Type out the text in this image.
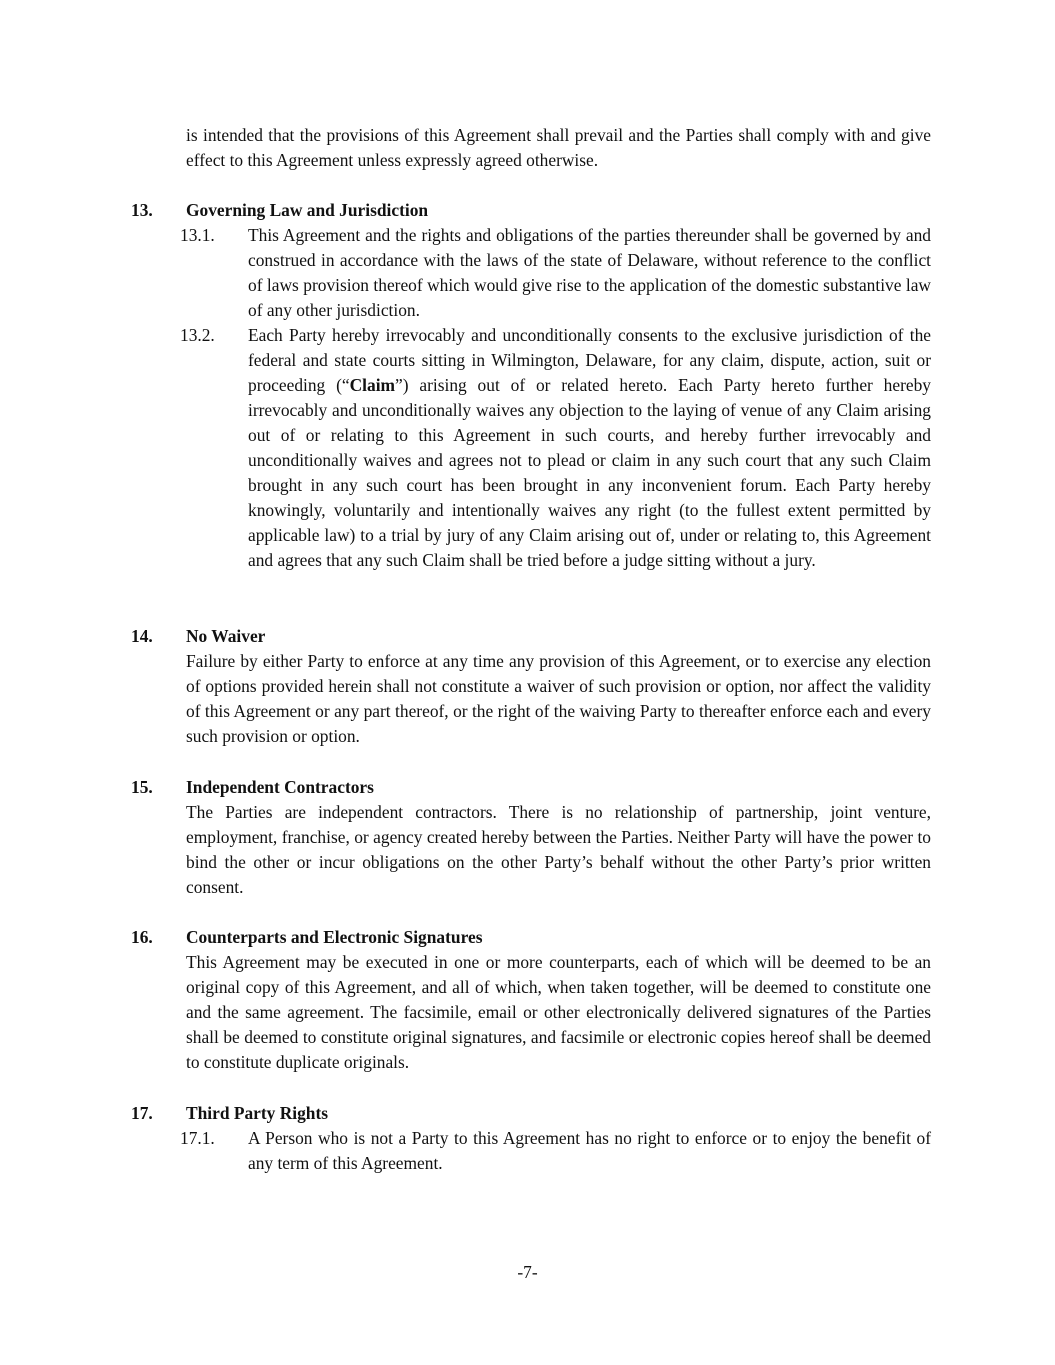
is intended that the provisions of this Agreement shall prevail and the Parties shall comply with and give effect to this Agreement unless expressly agreed otherwise.

13. Governing Law and Jurisdiction
13.1. This Agreement and the rights and obligations of the parties thereunder shall be governed by and construed in accordance with the laws of the state of Delaware, without reference to the conflict of laws provision thereof which would give rise to the application of the domestic substantive law of any other jurisdiction.

13.2. Each Party hereby irrevocably and unconditionally consents to the exclusive jurisdiction of the federal and state courts sitting in Wilmington, Delaware, for any claim, dispute, action, suit or proceeding (“Claim”) arising out of or related hereto. Each Party hereto further hereby irrevocably and unconditionally waives any objection to the laying of venue of any Claim arising out of or relating to this Agreement in such courts, and hereby further irrevocably and unconditionally waives and agrees not to plead or claim in any such court that any such Claim brought in any such court has been brought in any inconvenient forum. Each Party hereby knowingly, voluntarily and intentionally waives any right (to the fullest extent permitted by applicable law) to a trial by jury of any Claim arising out of, under or relating to, this Agreement and agrees that any such Claim shall be tried before a judge sitting without a jury.

14. No Waiver

Failure by either Party to enforce at any time any provision of this Agreement, or to exercise any election of options provided herein shall not constitute a waiver of such provision or option, nor affect the validity of this Agreement or any part thereof, or the right of the waiving Party to thereafter enforce each and every such provision or option.

15. Independent Contractors

The Parties are independent contractors. There is no relationship of partnership, joint venture, employment, franchise, or agency created hereby between the Parties. Neither Party will have the power to bind the other or incur obligations on the other Party’s behalf without the other Party’s prior written consent.

16. Counterparts and Electronic Signatures

This Agreement may be executed in one or more counterparts, each of which will be deemed to be an original copy of this Agreement, and all of which, when taken together, will be deemed to constitute one and the same agreement. The facsimile, email or other electronically delivered signatures of the Parties shall be deemed to constitute original signatures, and facsimile or electronic copies hereof shall be deemed to constitute duplicate originals.

17. Third Party Rights
17.1. A Person who is not a Party to this Agreement has no right to enforce or to enjoy the benefit of any term of this Agreement.

-7-
